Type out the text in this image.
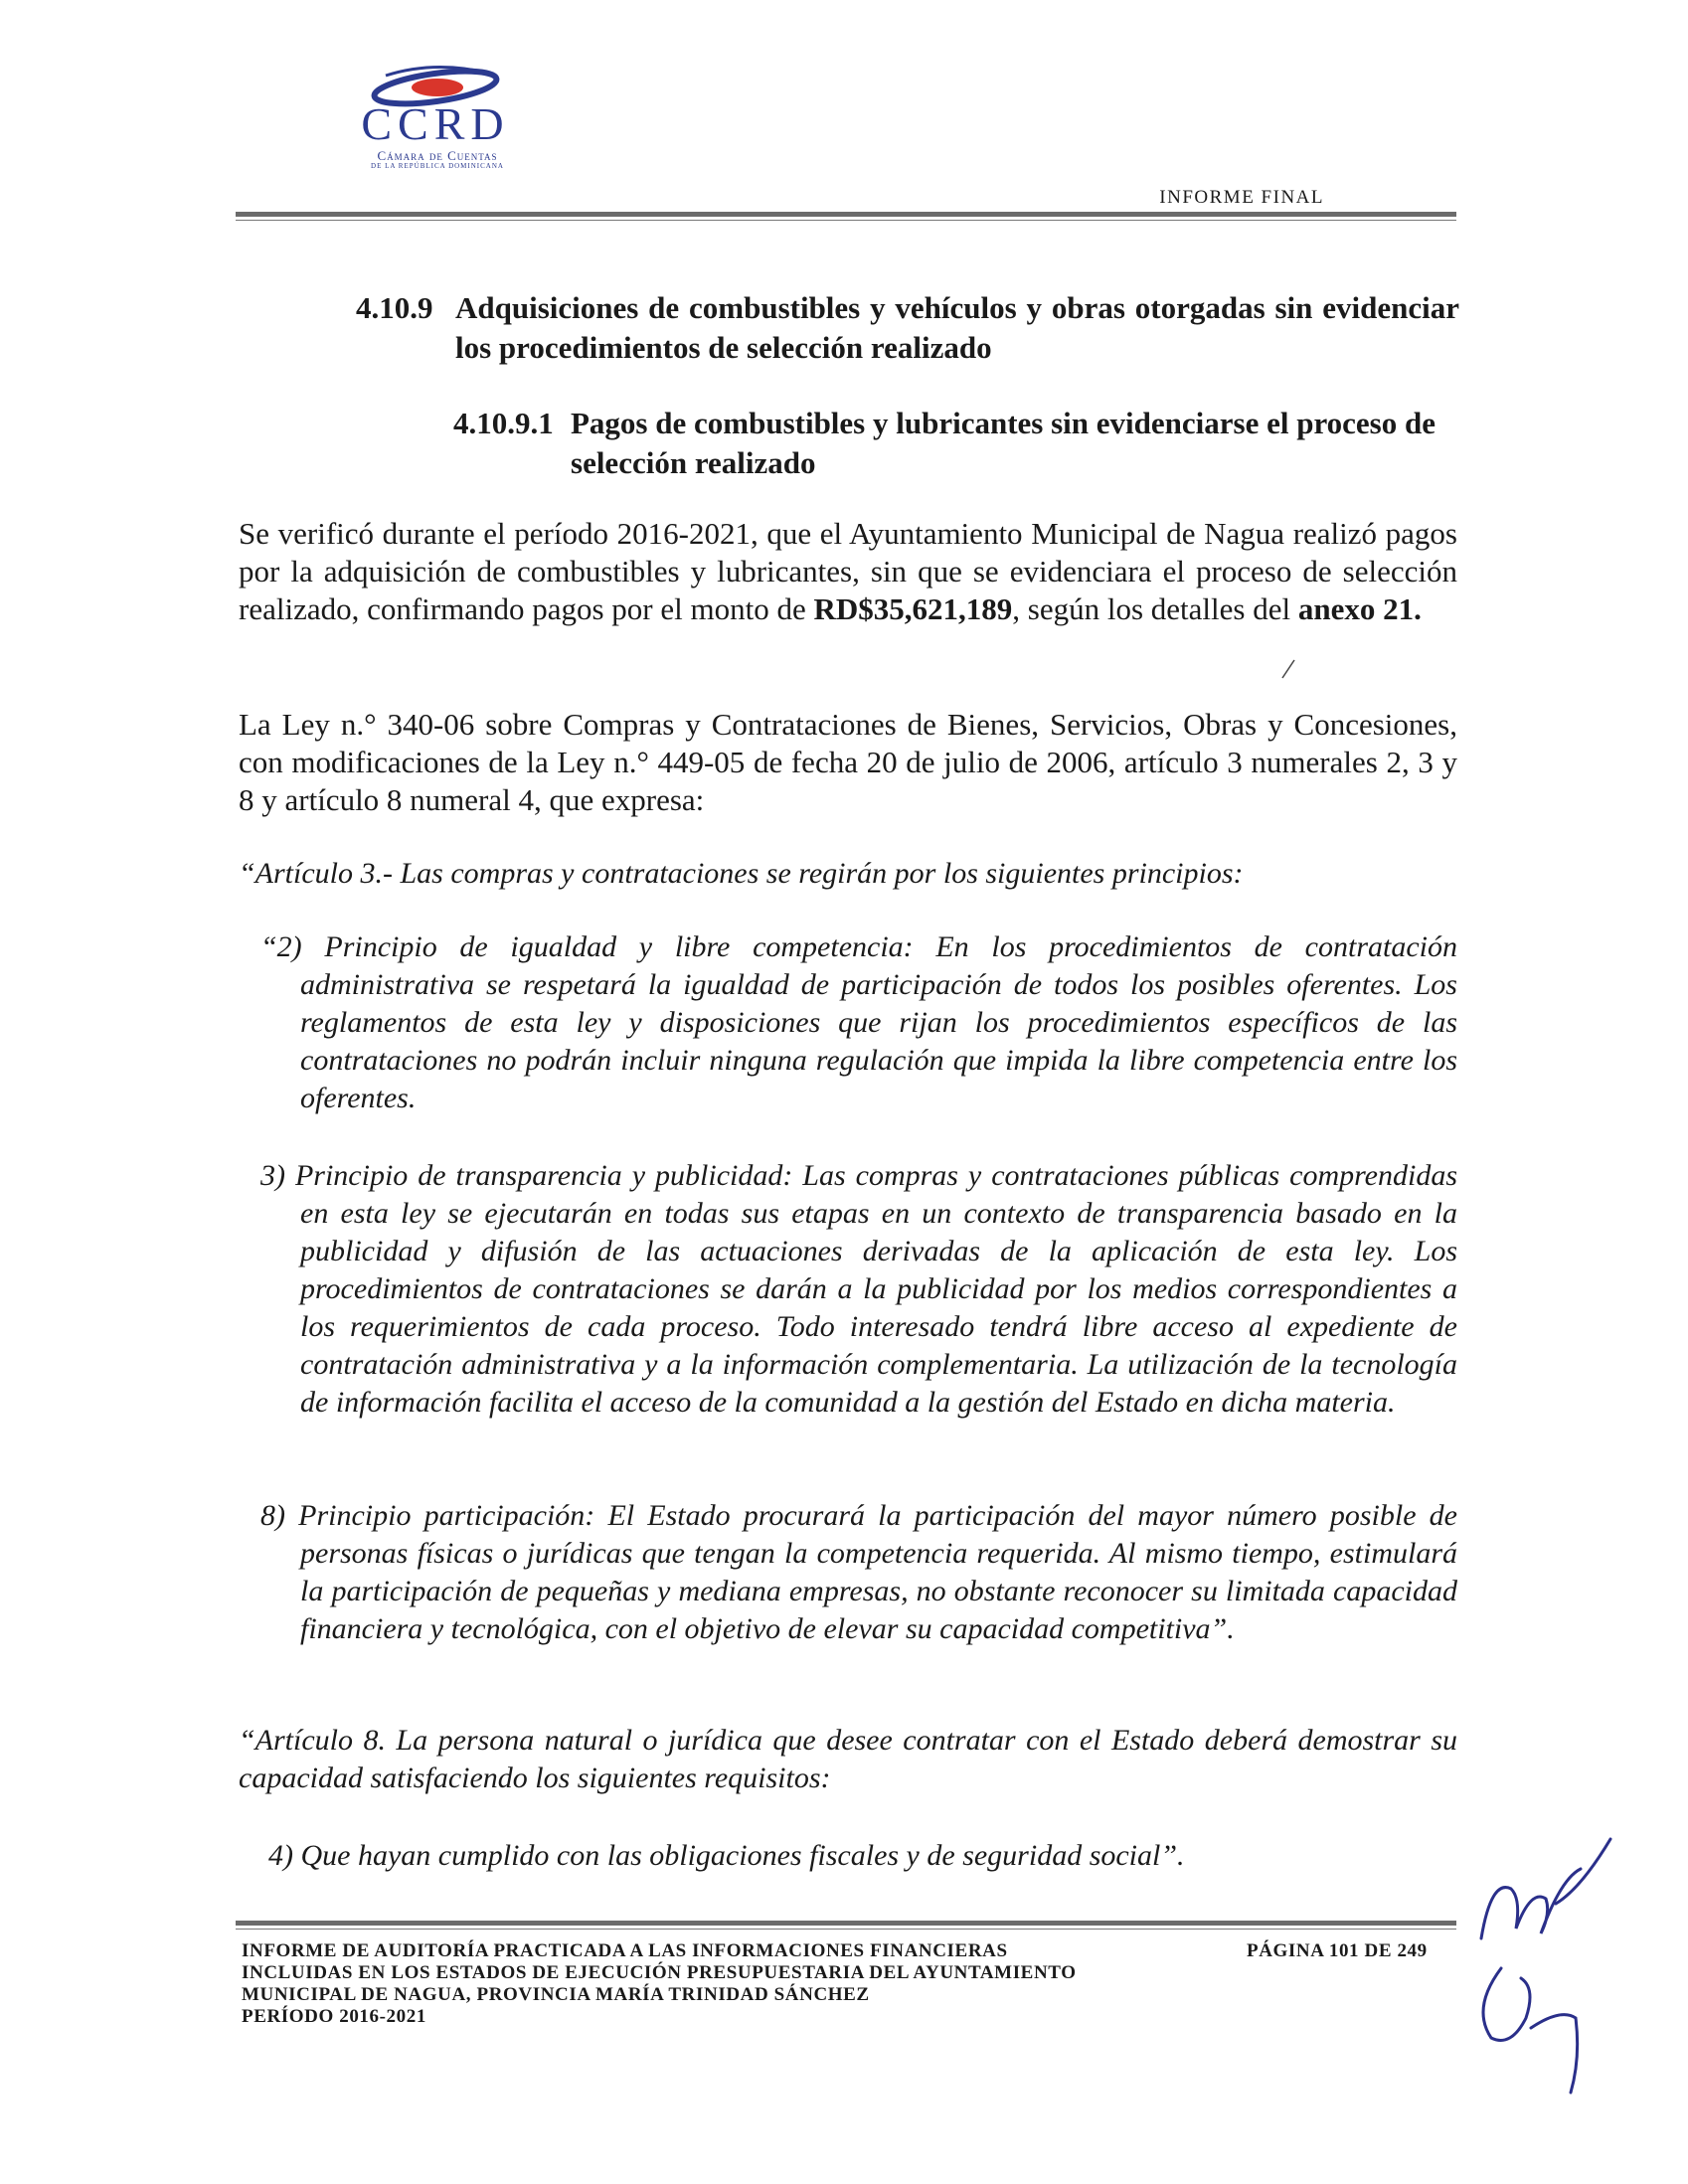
CCRD
Cámara de Cuentas
DE LA REPÚBLICA DOMINICANA
INFORME FINAL
4.10.9 Adquisiciones de combustibles y vehículos y obras otorgadas sin evidenciar los procedimientos de selección realizado
4.10.9.1 Pagos de combustibles y lubricantes sin evidenciarse el proceso de selección realizado
Se verificó durante el período 2016-2021, que el Ayuntamiento Municipal de Nagua realizó pagos por la adquisición de combustibles y lubricantes, sin que se evidenciara el proceso de selección realizado, confirmando pagos por el monto de RD$35,621,189, según los detalles del anexo 21.
La Ley n.° 340-06 sobre Compras y Contrataciones de Bienes, Servicios, Obras y Concesiones, con modificaciones de la Ley n.° 449-05 de fecha 20 de julio de 2006, artículo 3 numerales 2, 3 y 8 y artículo 8 numeral 4, que expresa:
“Artículo 3.- Las compras y contrataciones se regirán por los siguientes principios:
“2) Principio de igualdad y libre competencia: En los procedimientos de contratación administrativa se respetará la igualdad de participación de todos los posibles oferentes. Los reglamentos de esta ley y disposiciones que rijan los procedimientos específicos de las contrataciones no podrán incluir ninguna regulación que impida la libre competencia entre los oferentes.
3) Principio de transparencia y publicidad: Las compras y contrataciones públicas comprendidas en esta ley se ejecutarán en todas sus etapas en un contexto de transparencia basado en la publicidad y difusión de las actuaciones derivadas de la aplicación de esta ley. Los procedimientos de contrataciones se darán a la publicidad por los medios correspondientes a los requerimientos de cada proceso. Todo interesado tendrá libre acceso al expediente de contratación administrativa y a la información complementaria. La utilización de la tecnología de información facilita el acceso de la comunidad a la gestión del Estado en dicha materia.
8) Principio participación: El Estado procurará la participación del mayor número posible de personas físicas o jurídicas que tengan la competencia requerida. Al mismo tiempo, estimulará la participación de pequeñas y mediana empresas, no obstante reconocer su limitada capacidad financiera y tecnológica, con el objetivo de elevar su capacidad competitiva”.
“Artículo 8. La persona natural o jurídica que desee contratar con el Estado deberá demostrar su capacidad satisfaciendo los siguientes requisitos:
4) Que hayan cumplido con las obligaciones fiscales y de seguridad social”.
INFORME DE AUDITORÍA PRACTICADA A LAS INFORMACIONES FINANCIERAS
INCLUIDAS EN LOS ESTADOS DE EJECUCIÓN PRESUPUESTARIA DEL AYUNTAMIENTO
MUNICIPAL DE NAGUA, PROVINCIA MARÍA TRINIDAD SÁNCHEZ
PERÍODO 2016-2021
PÁGINA 101 DE 249
